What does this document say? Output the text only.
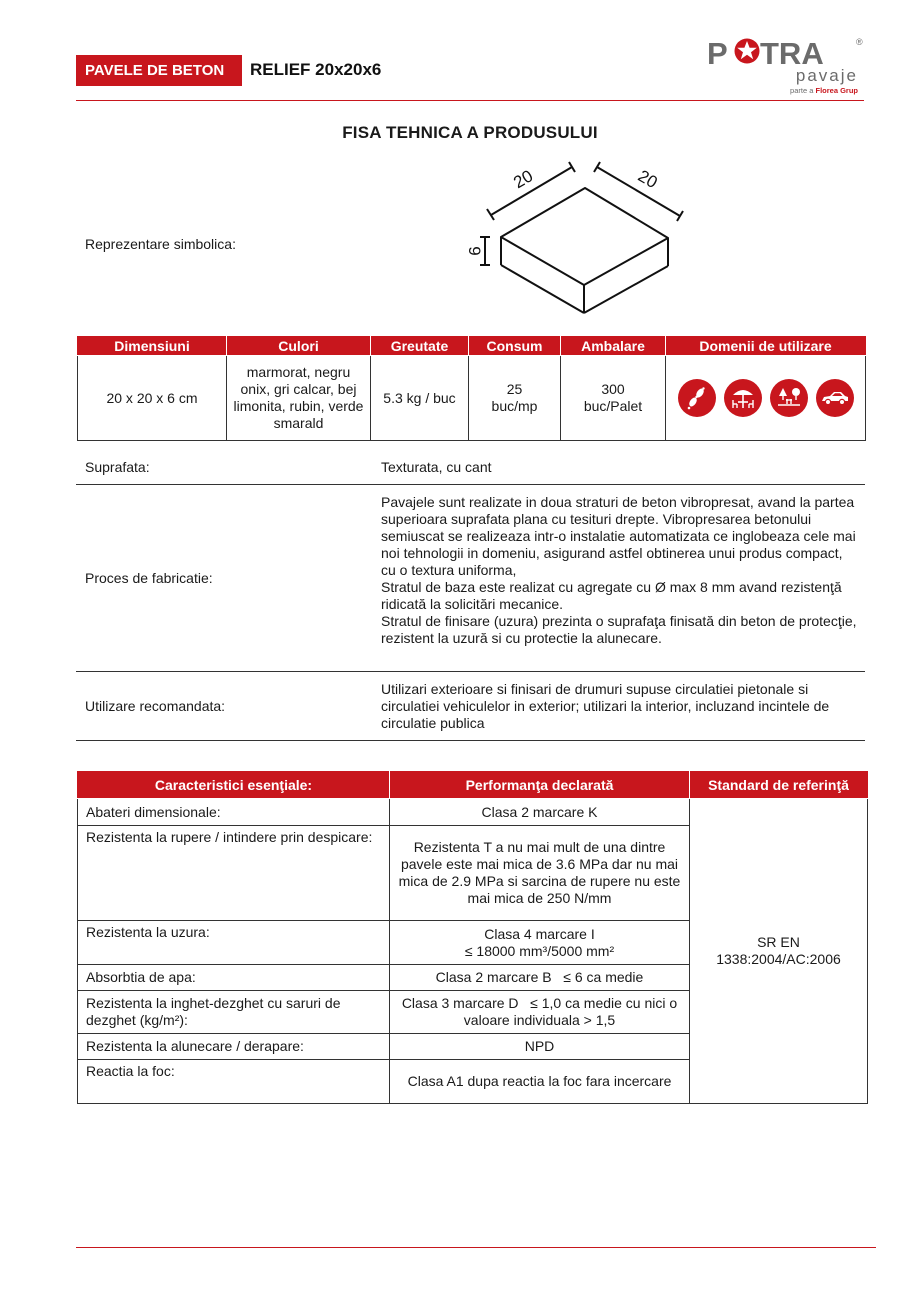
PAVELE DE BETON	RELIEF 20x20x6	P TRA	®
pavaje
parte a Florea Grup
FISA TEHNICA A PRODUSULUI
Reprezentare simbolica:
20	20
6
Dimensiuni	Culori	Greutate	Consum	Ambalare	Domenii de utilizare
20 x 20 x 6 cm	marmorat, negru onix, gri calcar, bej limonita, rubin, verde smarald	5.3 kg / buc	25 buc/mp	300 buc/Palet	
Suprafata:	Texturata, cu cant
Proces de fabricatie:
Pavajele sunt realizate in doua straturi de beton vibropresat, avand la partea superioara suprafata plana cu tesituri drepte. Vibropresarea betonului semiuscat se realizeaza intr-o instalatie automatizata ce inglobeaza cele mai noi tehnologii in domeniu, asigurand astfel obtinerea unui produs compact, cu o textura uniforma,
Stratul de baza este realizat cu agregate cu Ø max 8 mm avand rezistenţă ridicată la solicitări mecanice.
Stratul de finisare (uzura) prezinta o suprafaţa finisată din beton de protecţie, rezistent la uzură si cu protectie la alunecare.
Utilizare recomandata:
Utilizari exterioare si finisari de drumuri supuse circulatiei pietonale si circulatiei vehiculelor in exterior; utilizari la interior, incluzand incintele de circulatie publica
Caracteristici esenţiale:	Performanţa declarată	Standard de referinţă
Abateri dimensionale:	Clasa 2 marcare K	SR EN 1338:2004/AC:2006
Rezistenta la rupere / intindere prin despicare:	Rezistenta T a nu mai mult de una dintre pavele este mai mica de 3.6 MPa dar nu mai mica de 2.9 MPa si sarcina de rupere nu este mai mica de 250 N/mm	
Rezistenta la uzura:	Clasa 4 marcare I
≤ 18000 mm³/5000 mm²	
Absorbtia de apa:	Clasa 2 marcare B   ≤ 6 ca medie	
Rezistenta la inghet-dezghet cu saruri de dezghet (kg/m²):	Clasa 3 marcare D   ≤ 1,0 ca medie cu nici o valoare individuala > 1,5	
Rezistenta la alunecare / derapare:	NPD	
Reactia la foc:	Clasa A1 dupa reactia la foc fara incercare	
